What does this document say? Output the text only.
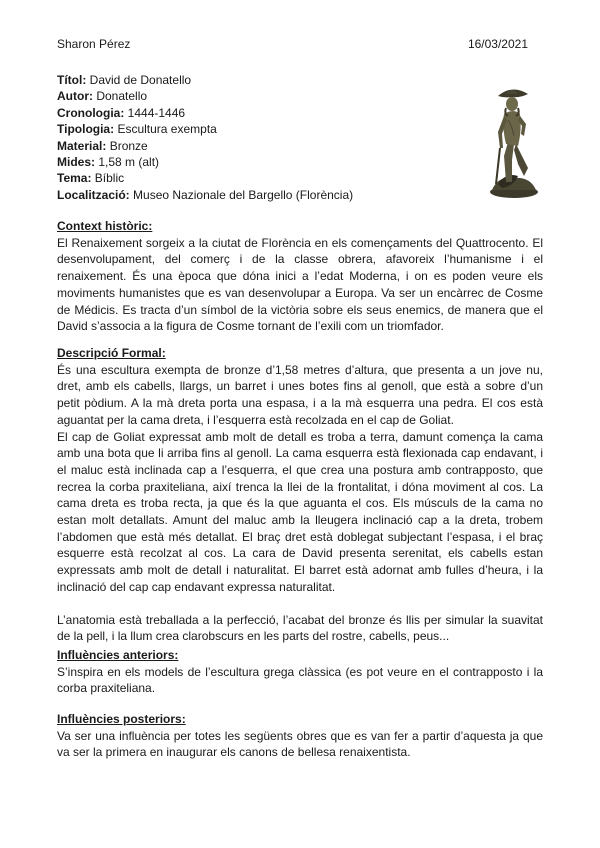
Sharon Pérez	16/03/2021
Títol: David de Donatello
Autor: Donatello
Cronologia: 1444-1446
Tipologia: Escultura exempta
Material: Bronze
Mides: 1,58 m (alt)
Tema: Bíblic
Localització: Museo Nazionale del Bargello (Florència)
Context històric:

El Renaixement sorgeix a la ciutat de Florència en els començaments del Quattrocento. El desenvolupament, del comerç i de la classe obrera, afavoreix l’humanisme i el renaixement. És una època que dóna inici a l’edat Moderna, i on es poden veure els moviments humanistes que es van desenvolupar a Europa. Va ser un encàrrec de Cosme de Médicis. Es tracta d’un símbol de la victòria sobre els seus enemics, de manera que el David s’associa a la figura de Cosme tornant de l’exili com un triomfador.

Descripció Formal:

És una escultura exempta de bronze d’1,58 metres d’altura, que presenta a un jove nu, dret, amb els cabells, llargs, un barret i unes botes fins al genoll, que està a sobre d’un petit pòdium. A la mà dreta porta una espasa, i a la mà esquerra una pedra. El cos està aguantat per la cama dreta, i l’esquerra està recolzada en el cap de Goliat.

El cap de Goliat expressat amb molt de detall es troba a terra, damunt comença la cama amb una bota que li arriba fins al genoll. La cama esquerra està flexionada cap endavant, i el maluc està inclinada cap a l’esquerra, el que crea una postura amb contrapposto, que recrea la corba praxiteliana, així trenca la llei de la frontalitat, i dóna moviment al cos. La cama dreta es troba recta, ja que és la que aguanta el cos. Els músculs de la cama no estan molt detallats. Amunt del maluc amb la lleugera inclinació cap a la dreta, trobem l’abdomen que està més detallat. El braç dret està doblegat subjectant l’espasa, i el braç esquerre està recolzat al cos. La cara de David presenta serenitat, els cabells estan expressats amb molt de detall i naturalitat. El barret està adornat amb fulles d’heura, i la inclinació del cap cap endavant expressa naturalitat.

L’anatomia està treballada a la perfecció, l’acabat del bronze és llis per simular la suavitat de la pell, i la llum crea clarobscurs en les parts del rostre, cabells, peus...

Influències anteriors:

S’inspira en els models de l’escultura grega clàssica (es pot veure en el contrapposto i la corba praxiteliana.

Influències posteriors:

Va ser una influència per totes les següents obres que es van fer a partir d’aquesta ja que va ser la primera en inaugurar els canons de bellesa renaixentista.
